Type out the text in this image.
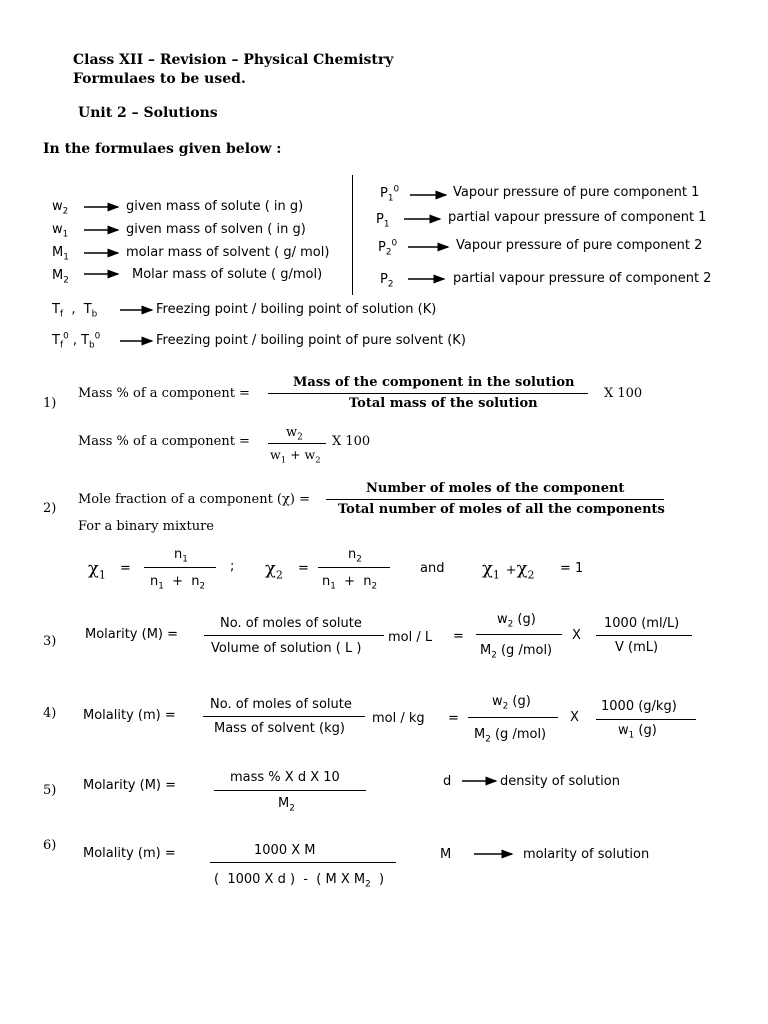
Class XII – Revision – Physical Chemistry
Formulaes to be used.
Unit 2 – Solutions
In the formulaes given below :
$w_2$	given mass of solute ( in g)
$w_1$	given mass of solven ( in g)
$M_1$	molar mass of solvent ( g/ mol)
$M_2$	Molar mass of solute ( g/mol)
$P_1^0$	Vapour pressure of pure component 1
$P_1$	partial vapour pressure of component 1
$P_2^0$	Vapour pressure of pure component 2
$P_2$	partial vapour pressure of component 2
$T_f$  ,  $T_b$	Freezing point / boiling point of solution (K)
$T_f^0$ , $T_b^0$	Freezing point / boiling point of pure solvent (K)
1)
Mass % of a component =
Mass of the component in the solution
Total mass of the solution
X 100
Mass % of a component =
$w_2$
$w_1 + w_2$
X 100
2)
Mole fraction of a component (χ) =
Number of moles of the component
Total number of moles of all the components
For a binary mixture
$\chi_1$ =
$n_1$
$n_1 + n_2$
; $\chi_2$ =
$n_2$
$n_1 + n_2$
and $\chi_1 +\chi_2 = 1$
3) Molarity (M) =
No. of moles of solute
Volume of solution ( L )
mol / L =
$w_2$ (g)
$M_2$ (g /mol)
X
1000 (ml/L)
V (mL)
4) Molality (m) =
No. of moles of solute
Mass of solvent (kg)
mol / kg =
$w_2$ (g)
$M_2$ (g /mol)
X
1000 (g/kg)
$w_1$ (g)
5) Molarity (M) =
mass % X d X 10
$M_2$
d	density of solution
6)
Molality (m) =	1000 X M
(  1000 X d )  -  ( M X $M_2$  )
M	molarity of solution
